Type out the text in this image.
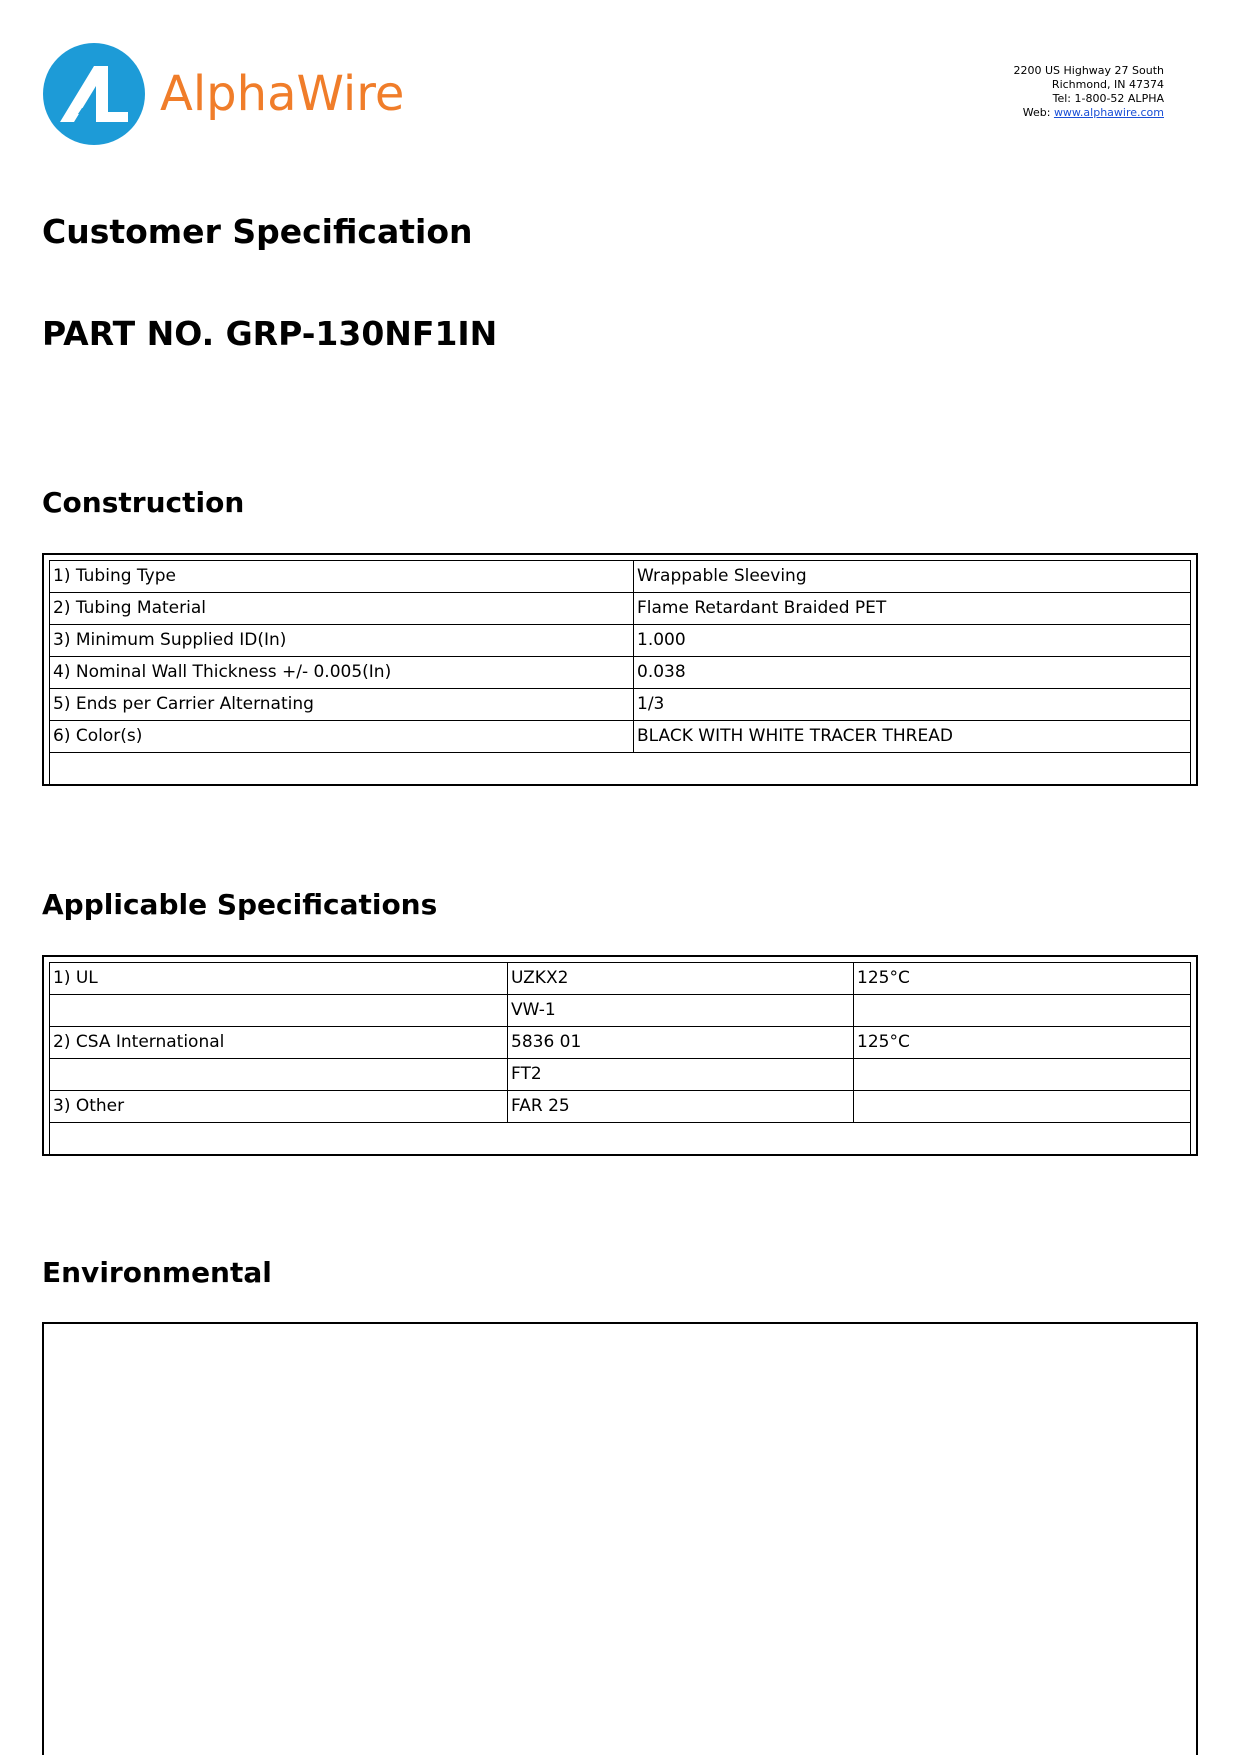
AlphaWire	2200 US Highway 27 South
Richmond, IN 47374
Tel: 1-800-52 ALPHA
Web: www.alphawire.com
Customer Specification
PART NO. GRP-130NF1IN
Construction
1) Tubing Type	Wrappable Sleeving
2) Tubing Material	Flame Retardant Braided PET
3) Minimum Supplied ID(In)	1.000
4) Nominal Wall Thickness +/- 0.005(In)	0.038
5) Ends per Carrier Alternating	1/3
6) Color(s)	BLACK WITH WHITE TRACER THREAD

Applicable Specifications
1) UL	UZKX2	125°C
	VW-1	
2) CSA International	5836 01	125°C
	FT2	
3) Other	FAR 25	

Environmental
